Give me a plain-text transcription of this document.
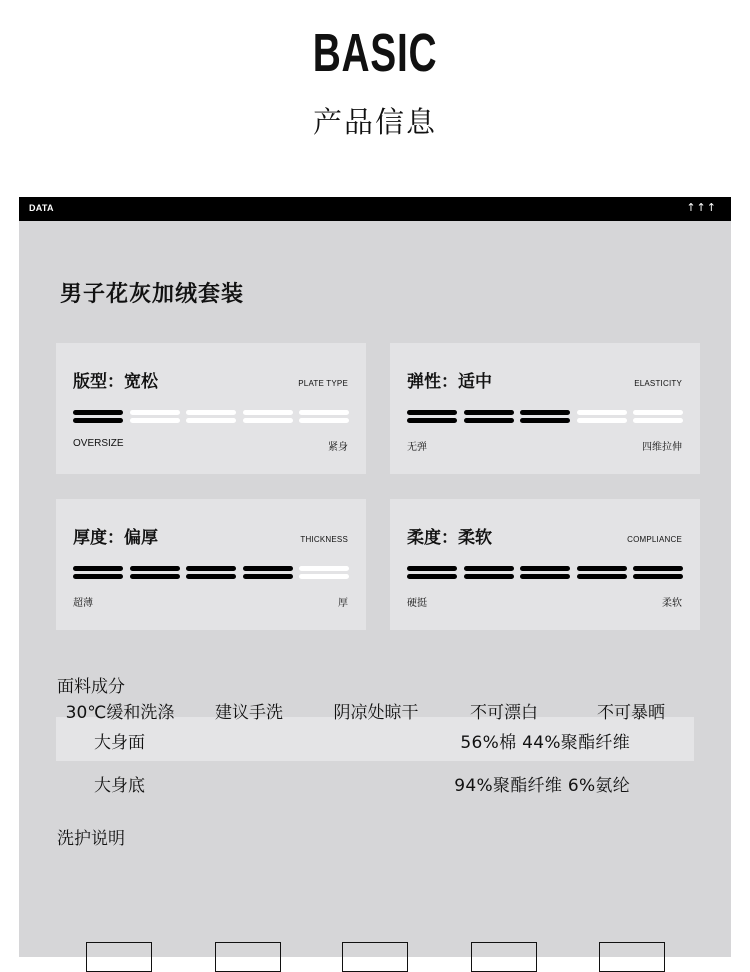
BASIC
产品信息
DATA	↑↑↑
男子花灰加绒套装
版型：宽松	PLATE TYPE
OVERSIZE	紧身
弹性：适中	ELASTICITY
无弹	四维拉伸
厚度：偏厚	THICKNESS
超薄	厚
柔度：柔软	COMPLIANCE
硬挺	柔软
面料成分
大身面	56%棉 44%聚酯纤维
大身底	94%聚酯纤维 6%氨纶
洗护说明
30℃缓和洗涤	建议手洗	阴凉处晾干	不可漂白	不可暴晒
